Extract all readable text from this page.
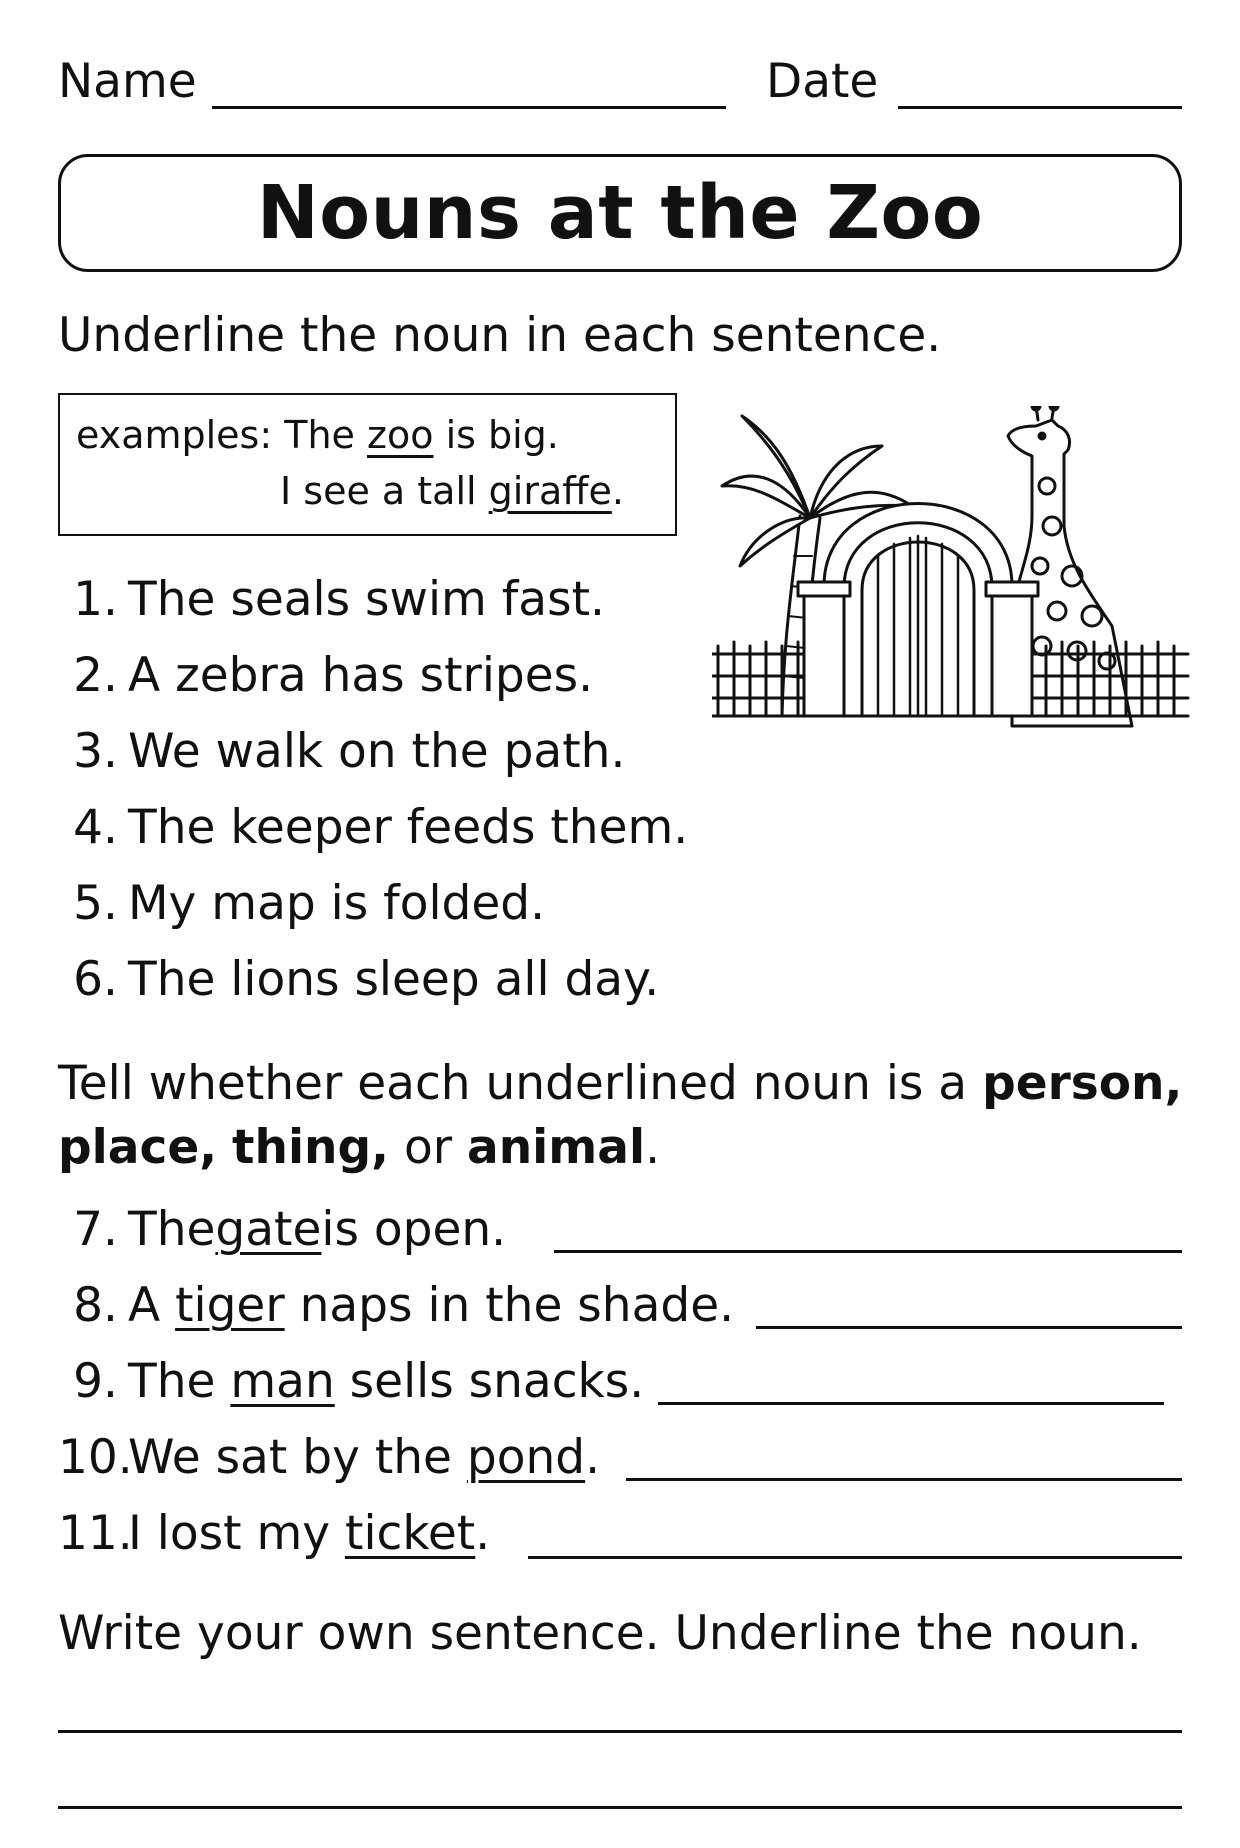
Name	Date
Nouns at the Zoo
Underline the noun in each sentence.
examples: The zoo is big.
I see a tall giraffe.
1. The seals swim fast.
2. A zebra has stripes.
3. We walk on the path.
4. The keeper feeds them.
5. My map is folded.
6. The lions sleep all day.
Tell whether each underlined noun is a person,
place, thing, or animal.
7. The gate is open.
8. A tiger naps in the shade.
9. The man sells snacks.
10.We sat by the pond.
11.I lost my ticket.
Write your own sentence. Underline the noun.
